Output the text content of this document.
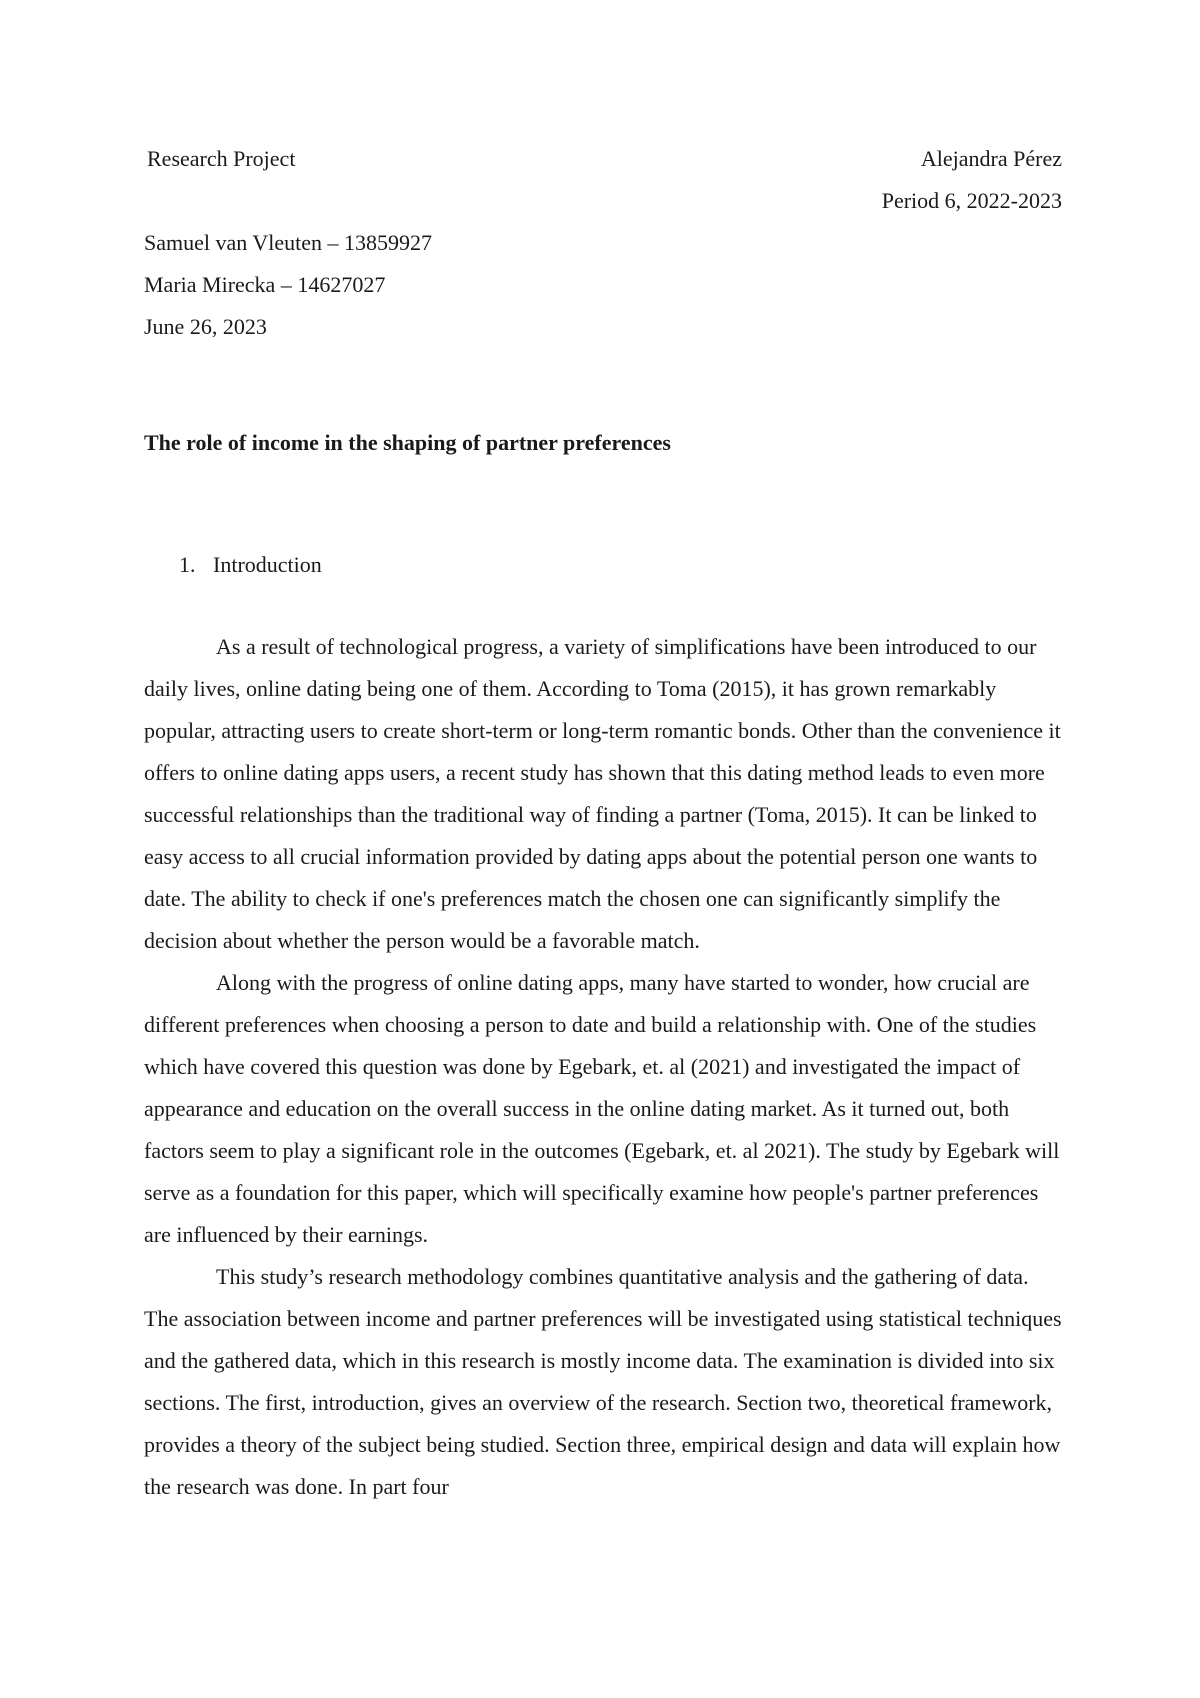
Research Project	Alejandra Pérez
Period 6, 2022-2023
Samuel van Vleuten – 13859927
Maria Mirecka – 14627027
June 26, 2023
The role of income in the shaping of partner preferences
1. Introduction

As a result of technological progress, a variety of simplifications have been introduced to our daily lives, online dating being one of them. According to Toma (2015), it has grown remarkably popular, attracting users to create short-term or long-term romantic bonds. Other than the convenience it offers to online dating apps users, a recent study has shown that this dating method leads to even more successful relationships than the traditional way of finding a partner (Toma, 2015). It can be linked to easy access to all crucial information provided by dating apps about the potential person one wants to date. The ability to check if one's preferences match the chosen one can significantly simplify the decision about whether the person would be a favorable match.

Along with the progress of online dating apps, many have started to wonder, how crucial are different preferences when choosing a person to date and build a relationship with. One of the studies which have covered this question was done by Egebark, et. al (2021) and investigated the impact of appearance and education on the overall success in the online dating market. As it turned out, both factors seem to play a significant role in the outcomes (Egebark, et. al 2021). The study by Egebark will serve as a foundation for this paper, which will specifically examine how people's partner preferences are influenced by their earnings.

This study’s research methodology combines quantitative analysis and the gathering of data. The association between income and partner preferences will be investigated using statistical techniques and the gathered data, which in this research is mostly income data. The examination is divided into six sections. The first, introduction, gives an overview of the research. Section two, theoretical framework, provides a theory of the subject being studied. Section three, empirical design and data will explain how the research was done. In part four
